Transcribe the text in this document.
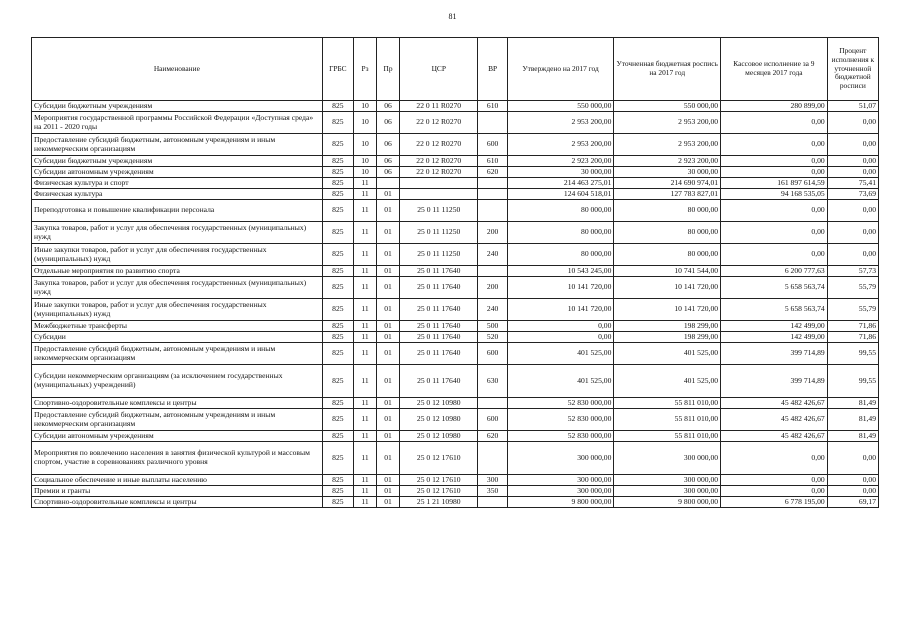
81
Наименование	ГРБС	Рз	Пр	ЦСР	ВР	Утверждено на 2017 год	Уточненная бюджетная роспись на 2017 год	Кассовое исполнение за 9 месяцев 2017 года	Процент исполнения к уточненной бюджетной росписи
Субсидии бюджетным учреждениям	825	10	06	22 0 11 R0270	610	550 000,00	550 000,00	280 899,00	51,07
Мероприятия государственной программы Российской Федерации «Доступная среда» на 2011 - 2020 годы	825	10	06	22 0 12 R0270		2 953 200,00	2 953 200,00	0,00	0,00
Предоставление субсидий бюджетным, автономным учреждениям и иным некоммерческим организациям	825	10	06	22 0 12 R0270	600	2 953 200,00	2 953 200,00	0,00	0,00
Субсидии бюджетным учреждениям	825	10	06	22 0 12 R0270	610	2 923 200,00	2 923 200,00	0,00	0,00
Субсидии автономным учреждениям	825	10	06	22 0 12 R0270	620	30 000,00	30 000,00	0,00	0,00
Физическая культура и спорт	825	11				214 463 275,01	214 690 974,01	161 897 614,59	75,41
Физическая культура	825	11	01			124 604 518,01	127 783 827,01	94 168 535,05	73,69
Переподготовка и повышение квалификации персонала	825	11	01	25 0 11 11250		80 000,00	80 000,00	0,00	0,00
Закупка товаров, работ и услуг для обеспечения государственных (муниципальных) нужд	825	11	01	25 0 11 11250	200	80 000,00	80 000,00	0,00	0,00
Иные закупки товаров, работ и услуг для обеспечения государственных (муниципальных) нужд	825	11	01	25 0 11 11250	240	80 000,00	80 000,00	0,00	0,00
Отдельные мероприятия по развитию спорта	825	11	01	25 0 11 17640		10 543 245,00	10 741 544,00	6 200 777,63	57,73
Закупка товаров, работ и услуг для обеспечения государственных (муниципальных) нужд	825	11	01	25 0 11 17640	200	10 141 720,00	10 141 720,00	5 658 563,74	55,79
Иные закупки товаров, работ и услуг для обеспечения государственных (муниципальных) нужд	825	11	01	25 0 11 17640	240	10 141 720,00	10 141 720,00	5 658 563,74	55,79
Межбюджетные трансферты	825	11	01	25 0 11 17640	500	0,00	198 299,00	142 499,00	71,86
Субсидии	825	11	01	25 0 11 17640	520	0,00	198 299,00	142 499,00	71,86
Предоставление субсидий бюджетным, автономным учреждениям и иным некоммерческим организациям	825	11	01	25 0 11 17640	600	401 525,00	401 525,00	399 714,89	99,55
Субсидии некоммерческим организациям (за исключением государственных (муниципальных) учреждений)	825	11	01	25 0 11 17640	630	401 525,00	401 525,00	399 714,89	99,55
Спортивно-оздоровительные комплексы и центры	825	11	01	25 0 12 10980		52 830 000,00	55 811 010,00	45 482 426,67	81,49
Предоставление субсидий бюджетным, автономным учреждениям и иным некоммерческим организациям	825	11	01	25 0 12 10980	600	52 830 000,00	55 811 010,00	45 482 426,67	81,49
Субсидии автономным учреждениям	825	11	01	25 0 12 10980	620	52 830 000,00	55 811 010,00	45 482 426,67	81,49
Мероприятия по вовлечению населения в занятия физической культурой и массовым спортом, участие в соревнованиях различного уровня	825	11	01	25 0 12 17610		300 000,00	300 000,00	0,00	0,00
Социальное обеспечение и иные выплаты населению	825	11	01	25 0 12 17610	300	300 000,00	300 000,00	0,00	0,00
Премии и гранты	825	11	01	25 0 12 17610	350	300 000,00	300 000,00	0,00	0,00
Спортивно-оздоровительные комплексы и центры	825	11	01	25 1 21 10980		9 800 000,00	9 800 000,00	6 778 195,00	69,17
